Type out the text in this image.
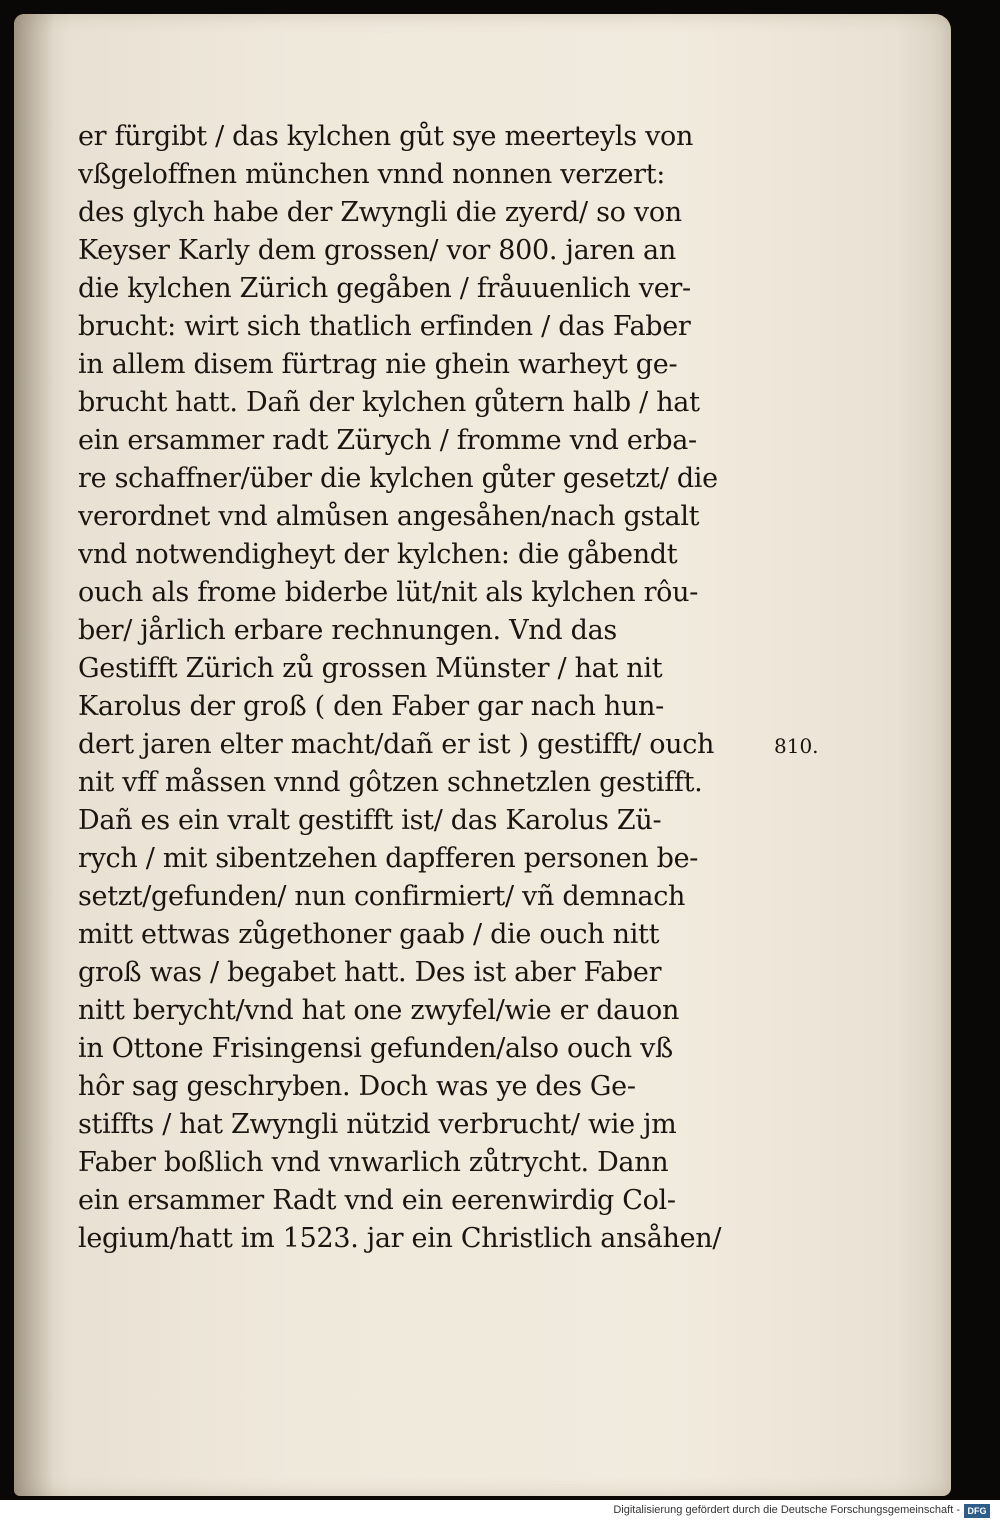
er fürgibt / das kylchen gůt sye meerteyls von
vßgeloffnen münchen vnnd nonnen verzert:
des glych habe der Zwyngli die zyerd/ so von
Keyser Karly dem grossen/ vor 800. jaren an
die kylchen Zürich gegåben / fråuuenlich ver-
brucht: wirt sich thatlich erfinden / das Faber
in allem disem fürtrag nie ghein warheyt ge-
brucht hatt. Dañ der kylchen gůtern halb / hat
ein ersammer radt Zürych / fromme vnd erba-
re schaffner/über die kylchen gůter gesetzt/ die
verordnet vnd almůsen angesåhen/nach gstalt
vnd notwendigheyt der kylchen: die gåbendt
ouch als frome biderbe lüt/nit als kylchen rôu-
ber/ jårlich erbare rechnungen. Vnd das
Gestifft Zürich zů grossen Münster / hat nit
Karolus der groß ( den Faber gar nach hun-
dert jaren elter macht/dañ er ist ) gestifft/ ouch
nit vff måssen vnnd gôtzen schnetzlen gestifft.
Dañ es ein vralt gestifft ist/ das Karolus Zü-
rych / mit sibentzehen dapfferen personen be-
setzt/gefunden/ nun confirmiert/ vñ demnach
mitt ettwas zůgethoner gaab / die ouch nitt
groß was / begabet hatt. Des ist aber Faber
nitt berycht/vnd hat one zwyfel/wie er dauon
in Ottone Frisingensi gefunden/also ouch vß
hôr sag geschryben. Doch was ye des Ge-
stiffts / hat Zwyngli nützid verbrucht/ wie jm
Faber boßlich vnd vnwarlich zůtrycht. Dann
ein ersammer Radt vnd ein eerenwirdig Col-
legium/hatt im 1523. jar ein Christlich ansåhen/
810.
Digitalisierung gefördert durch die Deutsche Forschungsgemeinschaft - DFG
